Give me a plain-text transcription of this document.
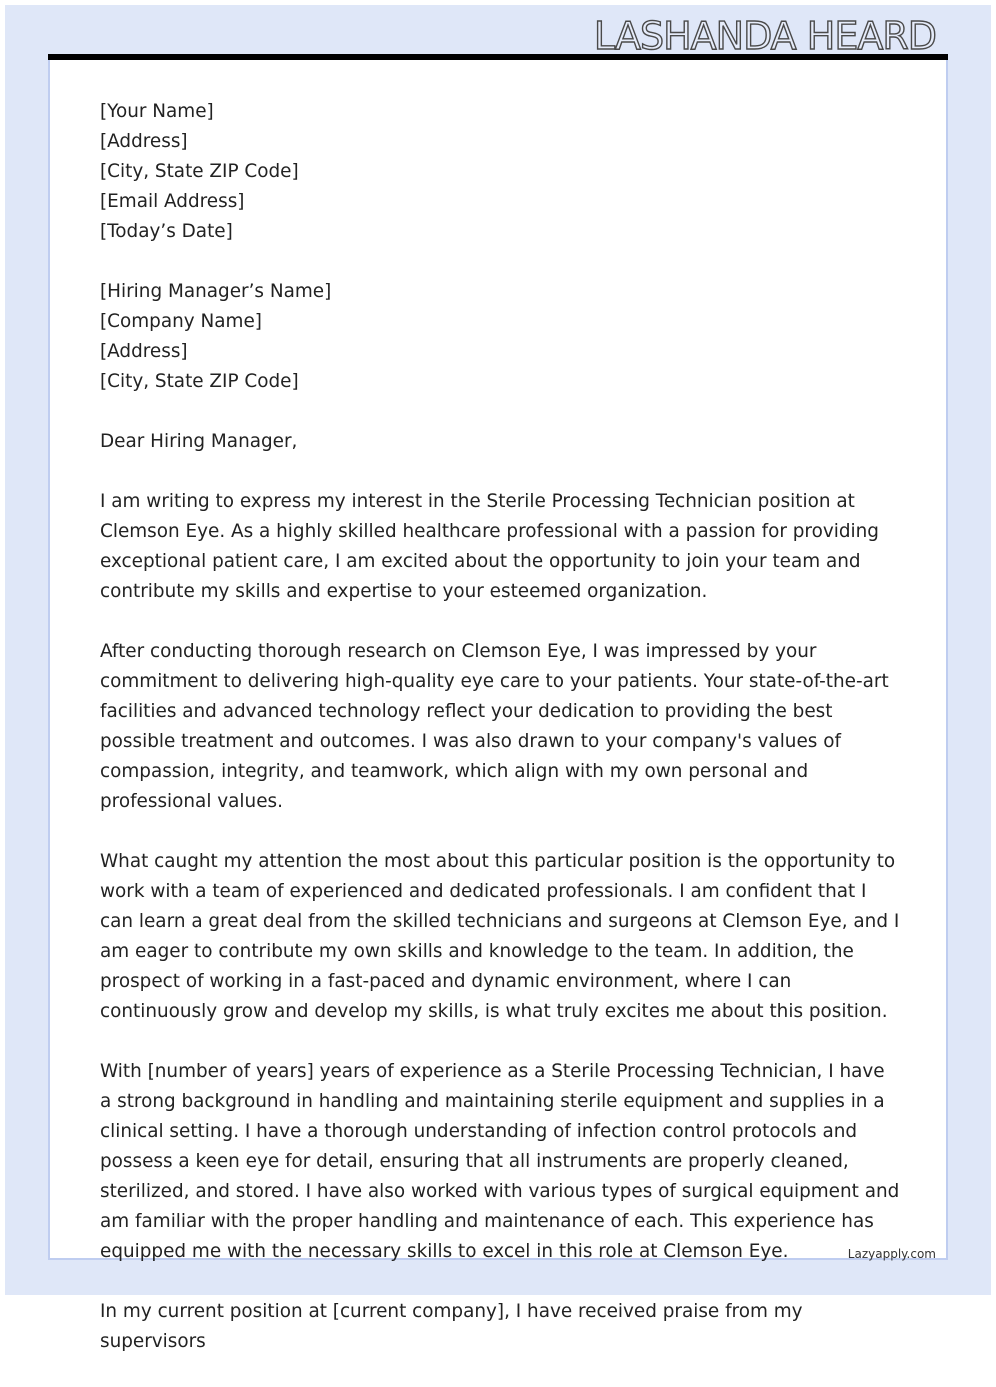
LASHANDA HEARD
[Your Name]
[Address]
[City, State ZIP Code]
[Email Address]
[Today’s Date]
[Hiring Manager’s Name]
[Company Name]
[Address]
[City, State ZIP Code]

Dear Hiring Manager,

I am writing to express my interest in the Sterile Processing Technician position at Clemson Eye. As a highly skilled healthcare professional with a passion for providing exceptional patient care, I am excited about the opportunity to join your team and contribute my skills and expertise to your esteemed organization.

After conducting thorough research on Clemson Eye, I was impressed by your commitment to delivering high-quality eye care to your patients. Your state-of-the-art facilities and advanced technology reflect your dedication to providing the best possible treatment and outcomes. I was also drawn to your company's values of compassion, integrity, and teamwork, which align with my own personal and professional values.

What caught my attention the most about this particular position is the opportunity to work with a team of experienced and dedicated professionals. I am confident that I can learn a great deal from the skilled technicians and surgeons at Clemson Eye, and I am eager to contribute my own skills and knowledge to the team. In addition, the prospect of working in a fast-paced and dynamic environment, where I can continuously grow and develop my skills, is what truly excites me about this position.

With [number of years] years of experience as a Sterile Processing Technician, I have a strong background in handling and maintaining sterile equipment and supplies in a clinical setting. I have a thorough understanding of infection control protocols and possess a keen eye for detail, ensuring that all instruments are properly cleaned, sterilized, and stored. I have also worked with various types of surgical equipment and am familiar with the proper handling and maintenance of each. This experience has equipped me with the necessary skills to excel in this role at Clemson Eye.

In my current position at [current company], I have received praise from my supervisors

Lazyapply.com
